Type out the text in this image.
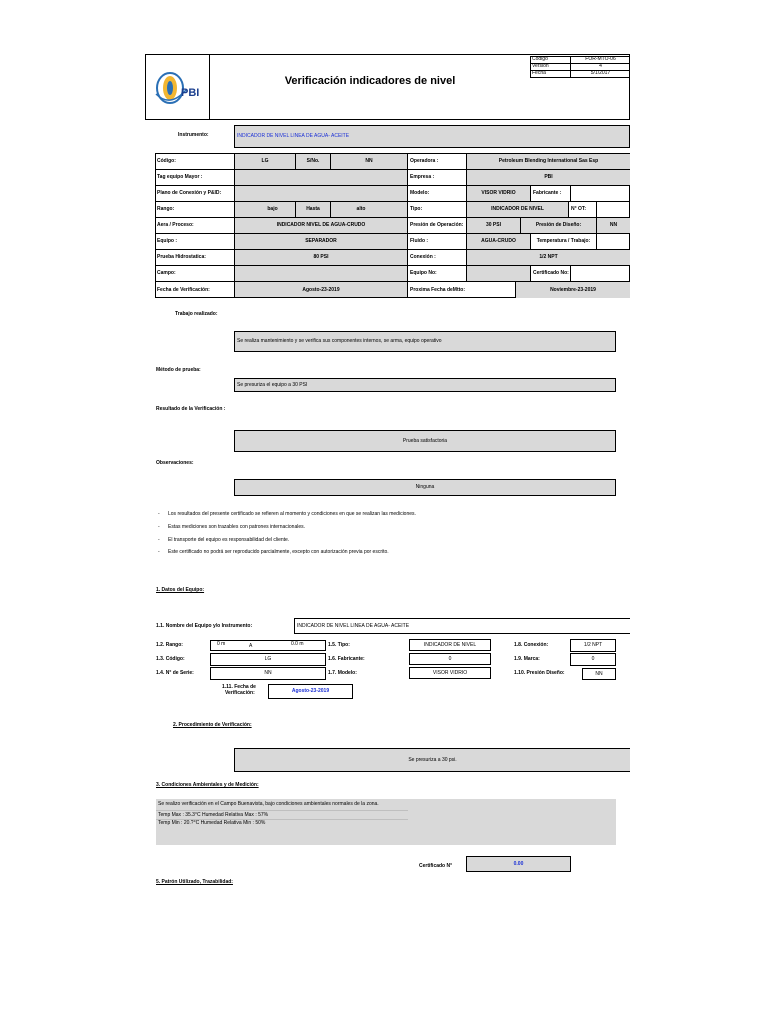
PBI
Verificación indicadores de nivel
Codigo	FOR-MTO-06
Version	4
Fecha	5/1/2017
Instrumento:	INDICADOR DE NIVEL LINEA DE AGUA- ACEITE
Código:	LG	S/No.	NN	Operadora :	Petroleum Blending International Sas Esp
Tag equipo Mayor :	Empresa :	PBI
Plano de Conexión y P&ID:	Modelo:	VISOR VIDRIO	Fabricante :
Rango:	bajo	Hasta	alto	Tipo:	INDICADOR DE NIVEL	N° OT:
Aera / Proceso:	INDICADOR NIVEL DE AGUA-CRUDO	Presión de Operación:	30 PSI	Presión de Diseño:	NN
Equipo :	SEPARADOR	Fluido :	AGUA-CRUDO	Temperatura / Trabajo:
Prueba Hidrostatica:	80 PSI	Conexión :	1/2 NPT
Campo:	Equipo No:	Certificado No:
Fecha de Verificación:	Agosto-23-2019	Proxima Fecha deMtto:	Noviembre-23-2019
Trabajo realizado:
Se realiza mantenimiento y se verifica sus componentes internos, se arma, equipo operativo
Método de prueba:
Se presuriza el equipo a 30 PSI
Resultado de la Verificación :
Prueba satisfactoria
Observaciones:
Ninguna
- Los resultados del presente certificado se refieren al momento y condiciones en que se realizan las mediciones.
- Estas mediciones son trazables con patrones internacionales.
- El transporte del equipo es responsabilidad del cliente.
- Este certificado no podrá ser reproducido parcialmente, excepto con autorización previa por escrito.
1. Datos del Equipo:
1.1. Nombre del Equipo y/o Instrumento:	INDICADOR DE NIVEL LINEA DE AGUA- ACEITE
1.2. Rango:	0 m	A	0.0 m
1.3. Código:	LG
1.4. N° de Serie:	NN
1.5. Tipo:	INDICADOR DE NIVEL
1.6. Fabricante:	0
1.7. Modelo:	VISOR VIDRIO
1.8. Conexión:	1/2 NPT
1.9. Marca:	0
1.10. Presión Diseño:	NN
1.11. Fecha de
Verificación:	Agosto-23-2019
2. Procedimiento de Verificación:
Se presuriza a 30 psi.
3. Condiciones Ambientales y de Medición:
Se realizo verificación en el Campo Buenavista, bajo condiciones ambientales normales de la zona.
Temp Max : 35.3°C Humedad Relativa Max : 57%
Temp Min : 20.?°C Humedad Relativa Min : 50%
Certificado N°	0.00
5. Patrón Utilizado, Trazabilidad:
